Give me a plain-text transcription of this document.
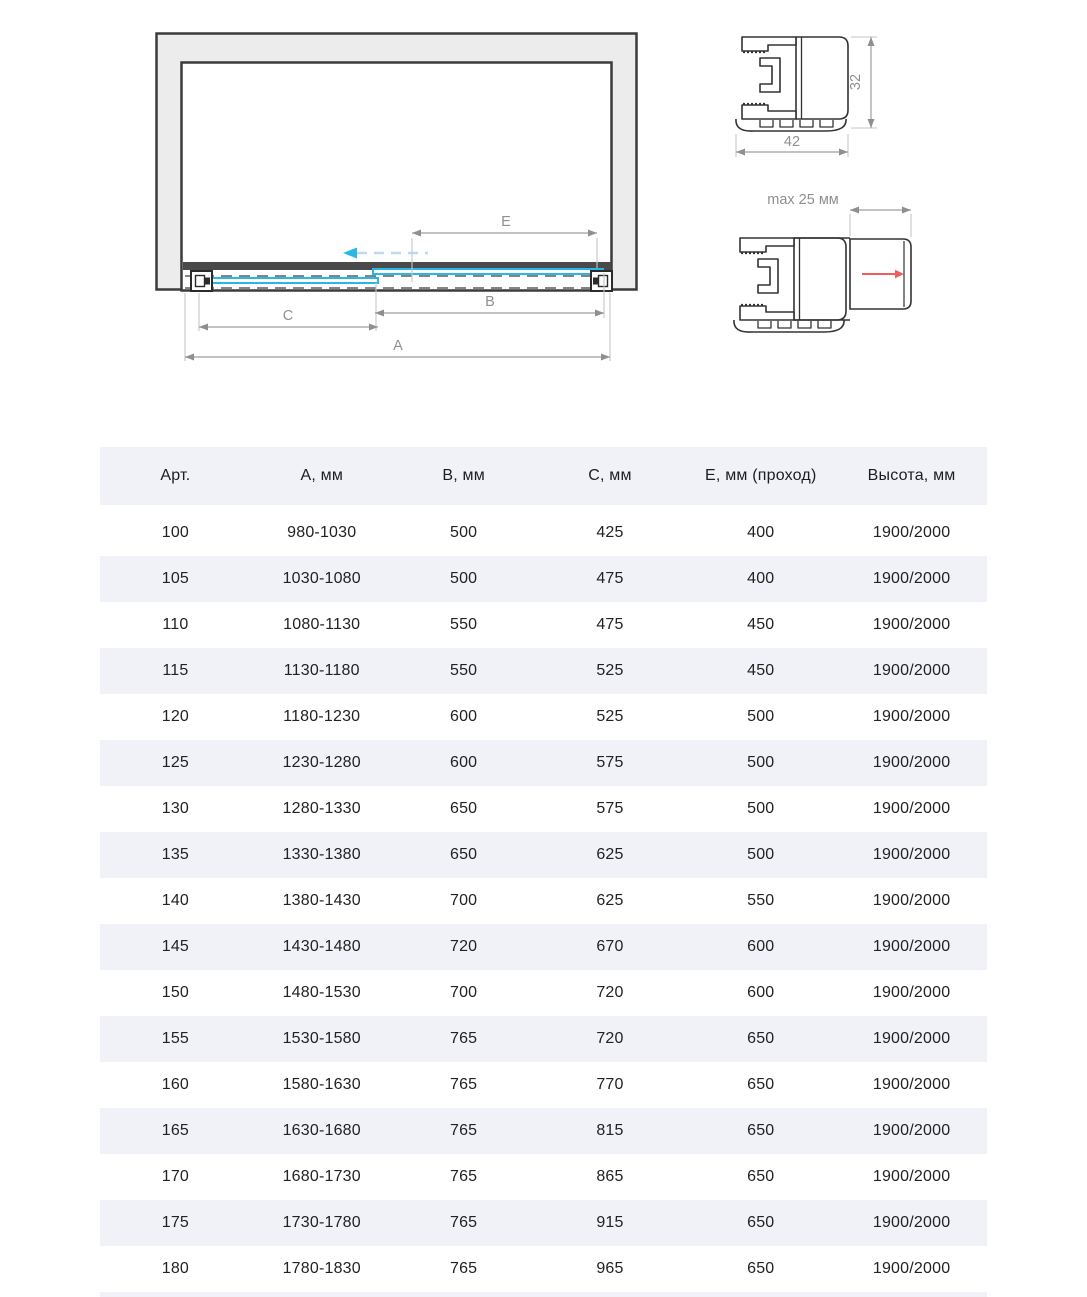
E
B
C
A
32
42
max 25 мм
Арт.	А, мм	В, мм	С, мм	Е, мм (проход)	Высота, мм
100	980-1030	500	425	400	1900/2000
105	1030-1080	500	475	400	1900/2000
110	1080-1130	550	475	450	1900/2000
115	1130-1180	550	525	450	1900/2000
120	1180-1230	600	525	500	1900/2000
125	1230-1280	600	575	500	1900/2000
130	1280-1330	650	575	500	1900/2000
135	1330-1380	650	625	500	1900/2000
140	1380-1430	700	625	550	1900/2000
145	1430-1480	720	670	600	1900/2000
150	1480-1530	700	720	600	1900/2000
155	1530-1580	765	720	650	1900/2000
160	1580-1630	765	770	650	1900/2000
165	1630-1680	765	815	650	1900/2000
170	1680-1730	765	865	650	1900/2000
175	1730-1780	765	915	650	1900/2000
180	1780-1830	765	965	650	1900/2000
